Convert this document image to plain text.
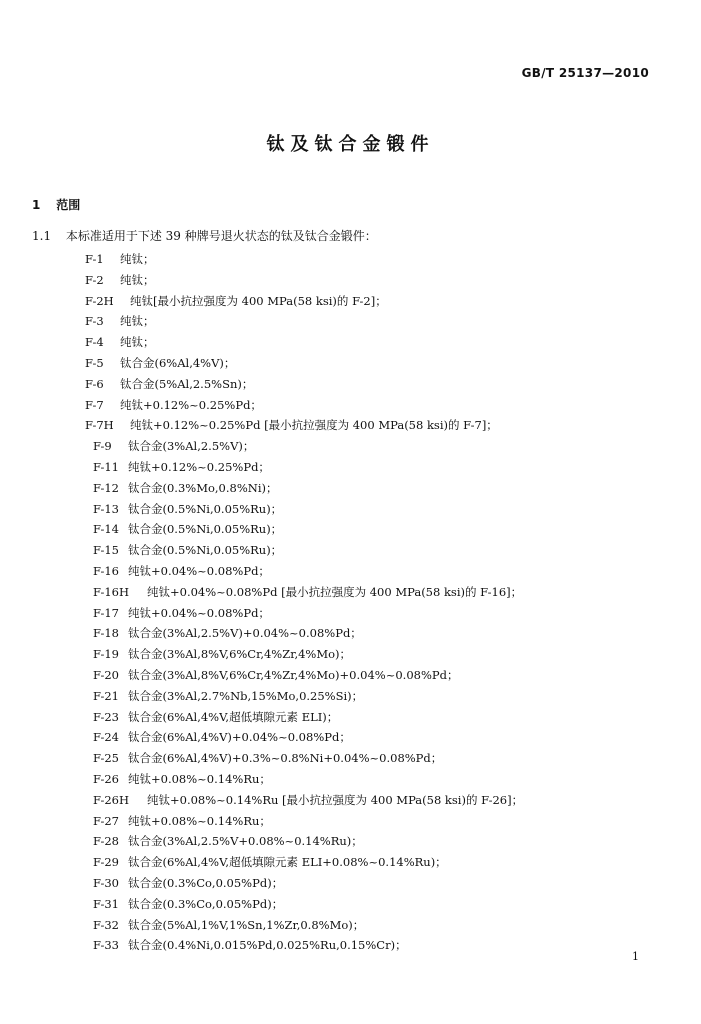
GB/T 25137—2010
钛及钛合金锻件
1 范围
1.1 本标准适用于下述 39 种牌号退火状态的钛及钛合金锻件：
F-1 纯钛；
F-2 纯钛；
F-2H 纯钛[最小抗拉强度为 400 MPa(58 ksi)的 F-2]；
F-3 纯钛；
F-4 纯钛；
F-5 钛合金(6%Al,4%V)；
F-6 钛合金(5%Al,2.5%Sn)；
F-7 纯钛+0.12%~0.25%Pd；
F-7H 纯钛+0.12%~0.25%Pd [最小抗拉强度为 400 MPa(58 ksi)的 F-7]；
F-9 钛合金(3%Al,2.5%V)；
F-11 纯钛+0.12%~0.25%Pd；
F-12 钛合金(0.3%Mo,0.8%Ni)；
F-13 钛合金(0.5%Ni,0.05%Ru)；
F-14 钛合金(0.5%Ni,0.05%Ru)；
F-15 钛合金(0.5%Ni,0.05%Ru)；
F-16 纯钛+0.04%~0.08%Pd；
F-16H 纯钛+0.04%~0.08%Pd [最小抗拉强度为 400 MPa(58 ksi)的 F-16]；
F-17 纯钛+0.04%~0.08%Pd；
F-18 钛合金(3%Al,2.5%V)+0.04%~0.08%Pd；
F-19 钛合金(3%Al,8%V,6%Cr,4%Zr,4%Mo)；
F-20 钛合金(3%Al,8%V,6%Cr,4%Zr,4%Mo)+0.04%~0.08%Pd；
F-21 钛合金(3%Al,2.7%Nb,15%Mo,0.25%Si)；
F-23 钛合金(6%Al,4%V,超低填隙元素 ELI)；
F-24 钛合金(6%Al,4%V)+0.04%~0.08%Pd；
F-25 钛合金(6%Al,4%V)+0.3%~0.8%Ni+0.04%~0.08%Pd；
F-26 纯钛+0.08%~0.14%Ru；
F-26H 纯钛+0.08%~0.14%Ru [最小抗拉强度为 400 MPa(58 ksi)的 F-26]；
F-27 纯钛+0.08%~0.14%Ru；
F-28 钛合金(3%Al,2.5%V+0.08%~0.14%Ru)；
F-29 钛合金(6%Al,4%V,超低填隙元素 ELI+0.08%~0.14%Ru)；
F-30 钛合金(0.3%Co,0.05%Pd)；
F-31 钛合金(0.3%Co,0.05%Pd)；
F-32 钛合金(5%Al,1%V,1%Sn,1%Zr,0.8%Mo)；
F-33 钛合金(0.4%Ni,0.015%Pd,0.025%Ru,0.15%Cr)；
1
